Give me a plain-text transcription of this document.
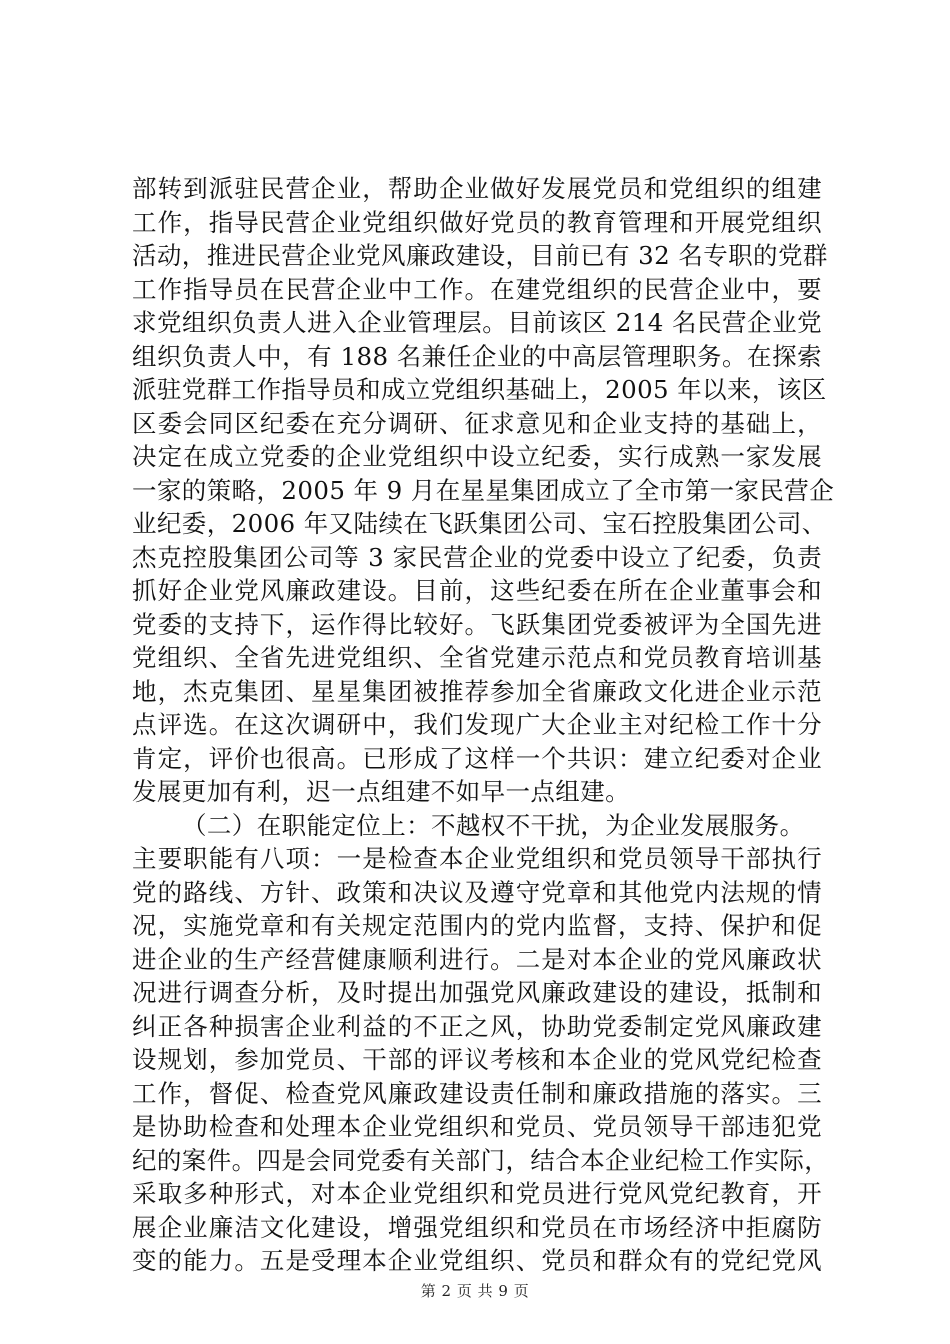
部转到派驻民营企业，帮助企业做好发展党员和党组织的组建
工作，指导民营企业党组织做好党员的教育管理和开展党组织
活动，推进民营企业党风廉政建设，目前已有 32 名专职的党群
工作指导员在民营企业中工作。在建党组织的民营企业中，要
求党组织负责人进入企业管理层。目前该区 214 名民营企业党
组织负责人中，有 188 名兼任企业的中高层管理职务。在探索
派驻党群工作指导员和成立党组织基础上，2005 年以来，该区
区委会同区纪委在充分调研、征求意见和企业支持的基础上，
决定在成立党委的企业党组织中设立纪委，实行成熟一家发展
一家的策略，2005 年 9 月在星星集团成立了全市第一家民营企
业纪委，2006 年又陆续在飞跃集团公司、宝石控股集团公司、
杰克控股集团公司等 3 家民营企业的党委中设立了纪委，负责
抓好企业党风廉政建设。目前，这些纪委在所在企业董事会和
党委的支持下，运作得比较好。飞跃集团党委被评为全国先进
党组织、全省先进党组织、全省党建示范点和党员教育培训基
地，杰克集团、星星集团被推荐参加全省廉政文化进企业示范
点评选。在这次调研中，我们发现广大企业主对纪检工作十分
肯定，评价也很高。已形成了这样一个共识：建立纪委对企业
发展更加有利，迟一点组建不如早一点组建。
（二）在职能定位上：不越权不干扰，为企业发展服务。
主要职能有八项：一是检查本企业党组织和党员领导干部执行
党的路线、方针、政策和决议及遵守党章和其他党内法规的情
况，实施党章和有关规定范围内的党内监督，支持、保护和促
进企业的生产经营健康顺利进行。二是对本企业的党风廉政状
况进行调查分析，及时提出加强党风廉政建设的建设，抵制和
纠正各种损害企业利益的不正之风，协助党委制定党风廉政建
设规划，参加党员、干部的评议考核和本企业的党风党纪检查
工作，督促、检查党风廉政建设责任制和廉政措施的落实。三
是协助检查和处理本企业党组织和党员、党员领导干部违犯党
纪的案件。四是会同党委有关部门，结合本企业纪检工作实际，
采取多种形式，对本企业党组织和党员进行党风党纪教育，开
展企业廉洁文化建设，增强党组织和党员在市场经济中拒腐防
变的能力。五是受理本企业党组织、党员和群众有的党纪党风
第 2 页 共 9 页
